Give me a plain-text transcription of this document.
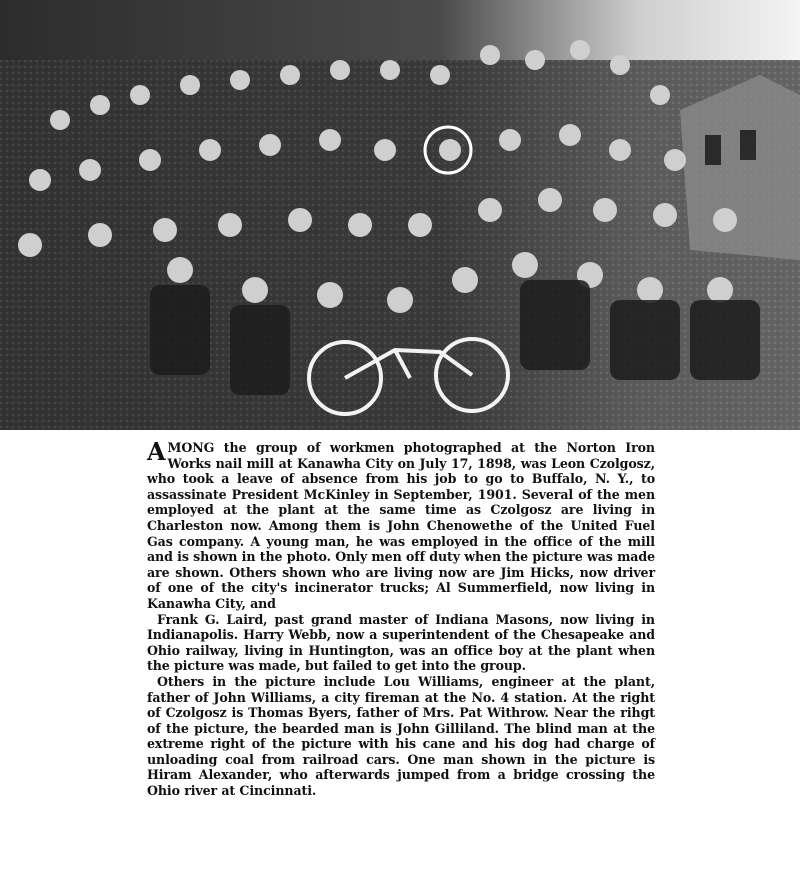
AMONG the group of workmen photographed at the Norton Iron Works nail mill at Kanawha City on July 17, 1898, was Leon Czolgosz, who took a leave of absence from his job to go to Buffalo, N. Y., to assassinate President McKinley in September, 1901. Several of the men employed at the plant at the same time as Czolgosz are living in Charleston now. Among them is John Chenowethe of the United Fuel Gas company. A young man, he was employed in the office of the mill and is shown in the photo. Only men off duty when the picture was made are shown. Others shown who are living now are Jim Hicks, now driver of one of the city's incinerator trucks; Al Summerfield, now living in Kanawha City, and

Frank G. Laird, past grand master of Indiana Masons, now living in Indianapolis. Harry Webb, now a superintendent of the Chesapeake and Ohio railway, living in Huntington, was an office boy at the plant when the picture was made, but failed to get into the group.

Others in the picture include Lou Williams, engineer at the plant, father of John Williams, a city fireman at the No. 4 station. At the right of Czolgosz is Thomas Byers, father of Mrs. Pat Withrow. Near the rihgt of the picture, the bearded man is John Gilliland. The blind man at the extreme right of the picture with his cane and his dog had charge of unloading coal from railroad cars. One man shown in the picture is Hiram Alexander, who afterwards jumped from a bridge crossing the Ohio river at Cincinnati.
